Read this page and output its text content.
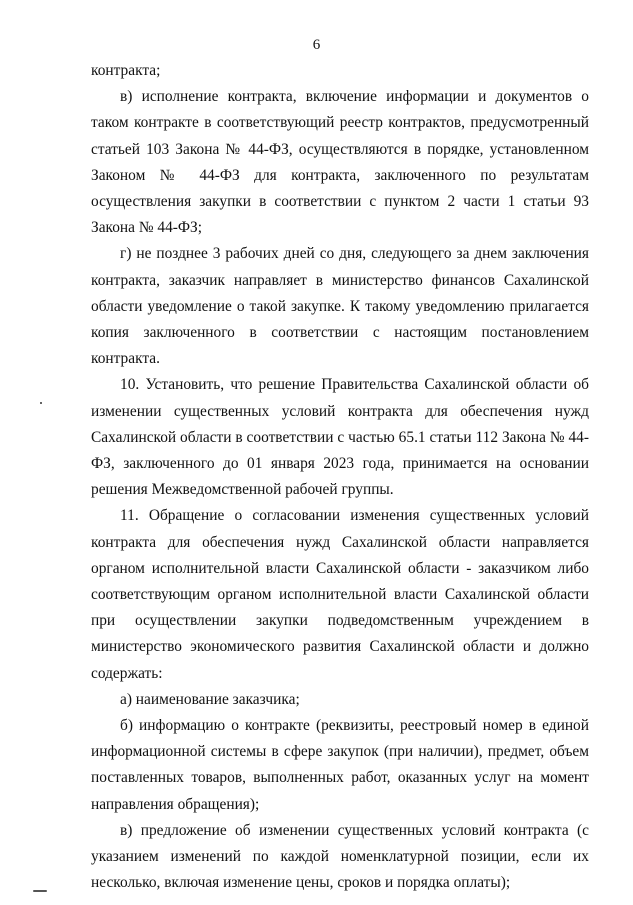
6

контракта;

в) исполнение контракта, включение информации и документов о таком контракте в соответствующий реестр контрактов, предусмотренный статьей 103 Закона № 44-ФЗ, осуществляются в порядке, установленном Законом № 44-ФЗ для контракта, заключенного по результатам осуществления закупки в соответствии с пунктом 2 части 1 статьи 93 Закона № 44-ФЗ;

г) не позднее 3 рабочих дней со дня, следующего за днем заключения контракта, заказчик направляет в министерство финансов Сахалинской области уведомление о такой закупке. К такому уведомлению прилагается копия заключенного в соответствии с настоящим постановлением контракта.

10. Установить, что решение Правительства Сахалинской области об изменении существенных условий контракта для обеспечения нужд Сахалинской области в соответствии с частью 65.1 статьи 112 Закона № 44-ФЗ, заключенного до 01 января 2023 года, принимается на основании решения Межведомственной рабочей группы.

11. Обращение о согласовании изменения существенных условий контракта для обеспечения нужд Сахалинской области направляется органом исполнительной власти Сахалинской области - заказчиком либо соответствующим органом исполнительной власти Сахалинской области при осуществлении закупки подведомственным учреждением в министерство экономического развития Сахалинской области и должно содержать:

а) наименование заказчика;

б) информацию о контракте (реквизиты, реестровый номер в единой информационной системы в сфере закупок (при наличии), предмет, объем поставленных товаров, выполненных работ, оказанных услуг на момент направления обращения);

в) предложение об изменении существенных условий контракта (с указанием изменений по каждой номенклатурной позиции, если их несколько, включая изменение цены, сроков и порядка оплаты);
